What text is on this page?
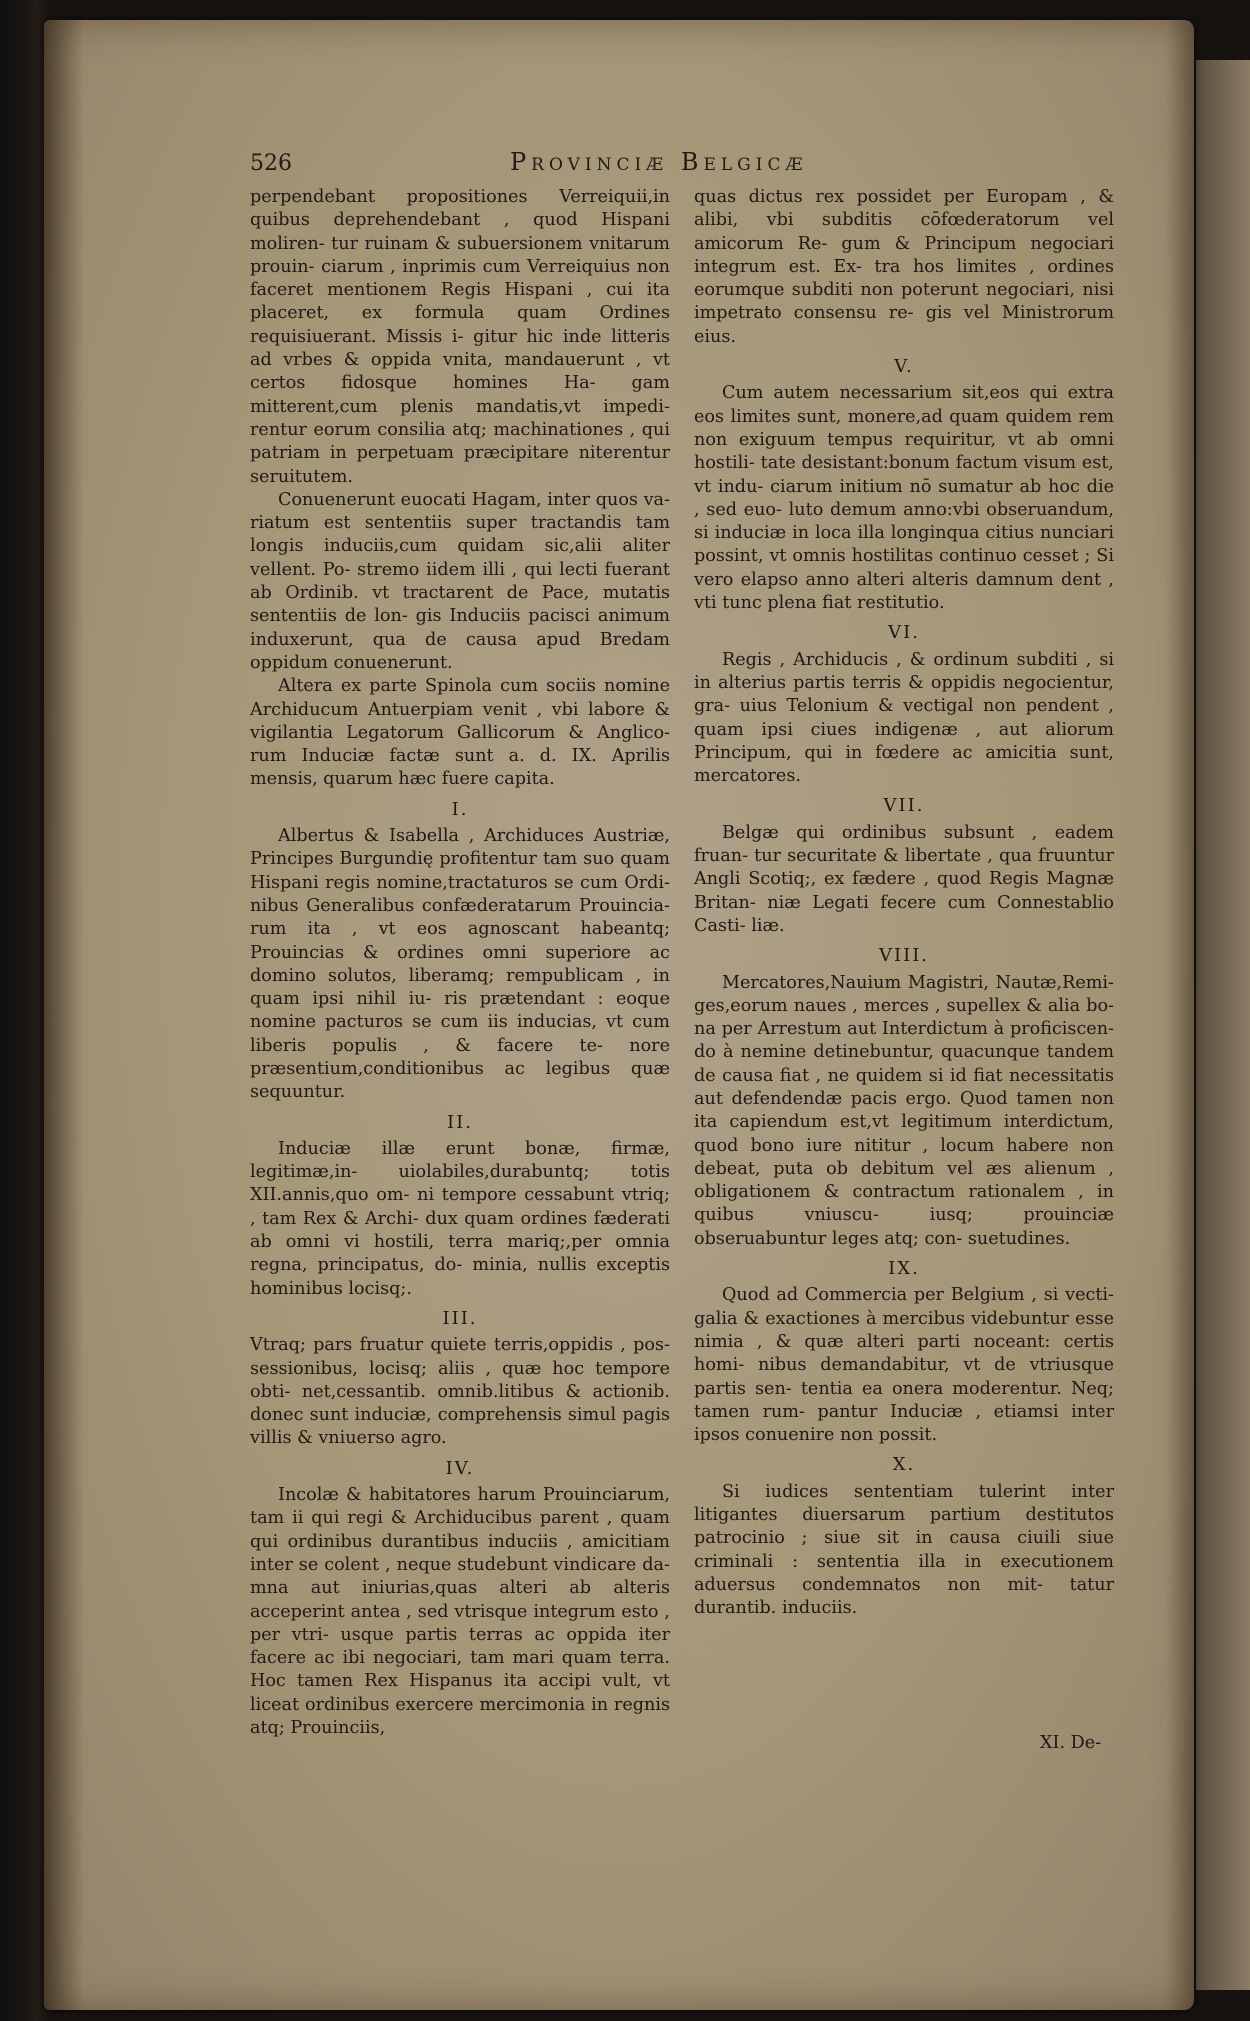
526	Provinciæ Belgicæ

perpendebant propositiones Verreiquii,in quibus deprehendebant , quod Hispani moliren- tur ruinam & subuersionem vnitarum prouin- ciarum , inprimis cum Verreiquius non faceret mentionem Regis Hispani , cui ita placeret, ex formula quam Ordines requisiuerant. Missis i- gitur hic inde litteris ad vrbes & oppida vnita, mandauerunt , vt certos fidosque homines Ha- gam mitterent,cum plenis mandatis,vt impedi- rentur eorum consilia atq; machinationes , qui patriam in perpetuam præcipitare niterentur seruitutem.

Conuenerunt euocati Hagam, inter quos va- riatum est sententiis super tractandis tam longis induciis,cum quidam sic,alii aliter vellent. Po- stremo iidem illi , qui lecti fuerant ab Ordinib. vt tractarent de Pace, mutatis sententiis de lon- gis Induciis pacisci animum induxerunt, qua de causa apud Bredam oppidum conuenerunt.

Altera ex parte Spinola cum sociis nomine Archiducum Antuerpiam venit , vbi labore & vigilantia Legatorum Gallicorum & Anglico- rum Induciæ factæ sunt a. d. IX. Aprilis mensis, quarum hæc fuere capita.

I.

Albertus & Isabella , Archiduces Austriæ, Principes Burgundię profitentur tam suo quam Hispani regis nomine,tractaturos se cum Ordi- nibus Generalibus confæderatarum Prouincia- rum ita , vt eos agnoscant habeantq; Prouincias & ordines omni superiore ac domino solutos, liberamq; rempublicam , in quam ipsi nihil iu- ris prætendant : eoque nomine pacturos se cum iis inducias, vt cum liberis populis , & facere te- nore præsentium,conditionibus ac legibus quæ sequuntur.

II.

Induciæ illæ erunt bonæ, firmæ, legitimæ,in- uiolabiles,durabuntq; totis XII.annis,quo om- ni tempore cessabunt vtriq; , tam Rex & Archi- dux quam ordines fæderati ab omni vi hostili, terra mariq;,per omnia regna, principatus, do- minia, nullis exceptis hominibus locisq;.

III.

Vtraq; pars fruatur quiete terris,oppidis , pos- sessionibus, locisq; aliis , quæ hoc tempore obti- net,cessantib. omnib.litibus & actionib. donec sunt induciæ, comprehensis simul pagis villis & vniuerso agro.

IV.

Incolæ & habitatores harum Prouinciarum, tam ii qui regi & Archiducibus parent , quam qui ordinibus durantibus induciis , amicitiam inter se colent , neque studebunt vindicare da- mna aut iniurias,quas alteri ab alteris acceperint antea , sed vtrisque integrum esto , per vtri- usque partis terras ac oppida iter facere ac ibi negociari, tam mari quam terra. Hoc tamen Rex Hispanus ita accipi vult, vt liceat ordinibus exercere mercimonia in regnis atq; Prouinciis,

quas dictus rex possidet per Europam , & alibi, vbi subditis cōfœderatorum vel amicorum Re- gum & Principum negociari integrum est. Ex- tra hos limites , ordines eorumque subditi non poterunt negociari, nisi impetrato consensu re- gis vel Ministrorum eius.

V.

Cum autem necessarium sit,eos qui extra eos limites sunt, monere,ad quam quidem rem non exiguum tempus requiritur, vt ab omni hostili- tate desistant:bonum factum visum est, vt indu- ciarum initium nō sumatur ab hoc die , sed euo- luto demum anno:vbi obseruandum, si induciæ in loca illa longinqua citius nunciari possint, vt omnis hostilitas continuo cesset ; Si vero elapso anno alteri alteris damnum dent , vti tunc plena fiat restitutio.

VI.

Regis , Archiducis , & ordinum subditi , si in alterius partis terris & oppidis negocientur, gra- uius Telonium & vectigal non pendent , quam ipsi ciues indigenæ , aut aliorum Principum, qui in fœdere ac amicitia sunt, mercatores.

VII.

Belgæ qui ordinibus subsunt , eadem fruan- tur securitate & libertate , qua fruuntur Angli Scotiq;, ex fædere , quod Regis Magnæ Britan- niæ Legati fecere cum Connestablio Casti- liæ.

VIII.

Mercatores,Nauium Magistri, Nautæ,Remi- ges,eorum naues , merces , supellex & alia bo- na per Arrestum aut Interdictum à proficiscen- do à nemine detinebuntur, quacunque tandem de causa fiat , ne quidem si id fiat necessitatis aut defendendæ pacis ergo. Quod tamen non ita capiendum est,vt legitimum interdictum, quod bono iure nititur , locum habere non debeat, puta ob debitum vel æs alienum , obligationem & contractum rationalem , in quibus vniuscu- iusq; prouinciæ obseruabuntur leges atq; con- suetudines.

IX.

Quod ad Commercia per Belgium , si vecti- galia & exactiones à mercibus videbuntur esse nimia , & quæ alteri parti noceant: certis homi- nibus demandabitur, vt de vtriusque partis sen- tentia ea onera moderentur. Neq; tamen rum- pantur Induciæ , etiamsi inter ipsos conuenire non possit.

X.

Si iudices sententiam tulerint inter litigantes diuersarum partium destitutos patrocinio ; siue sit in causa ciuili siue criminali : sententia illa in executionem aduersus condemnatos non mit- tatur durantib. induciis.

XI. De-
